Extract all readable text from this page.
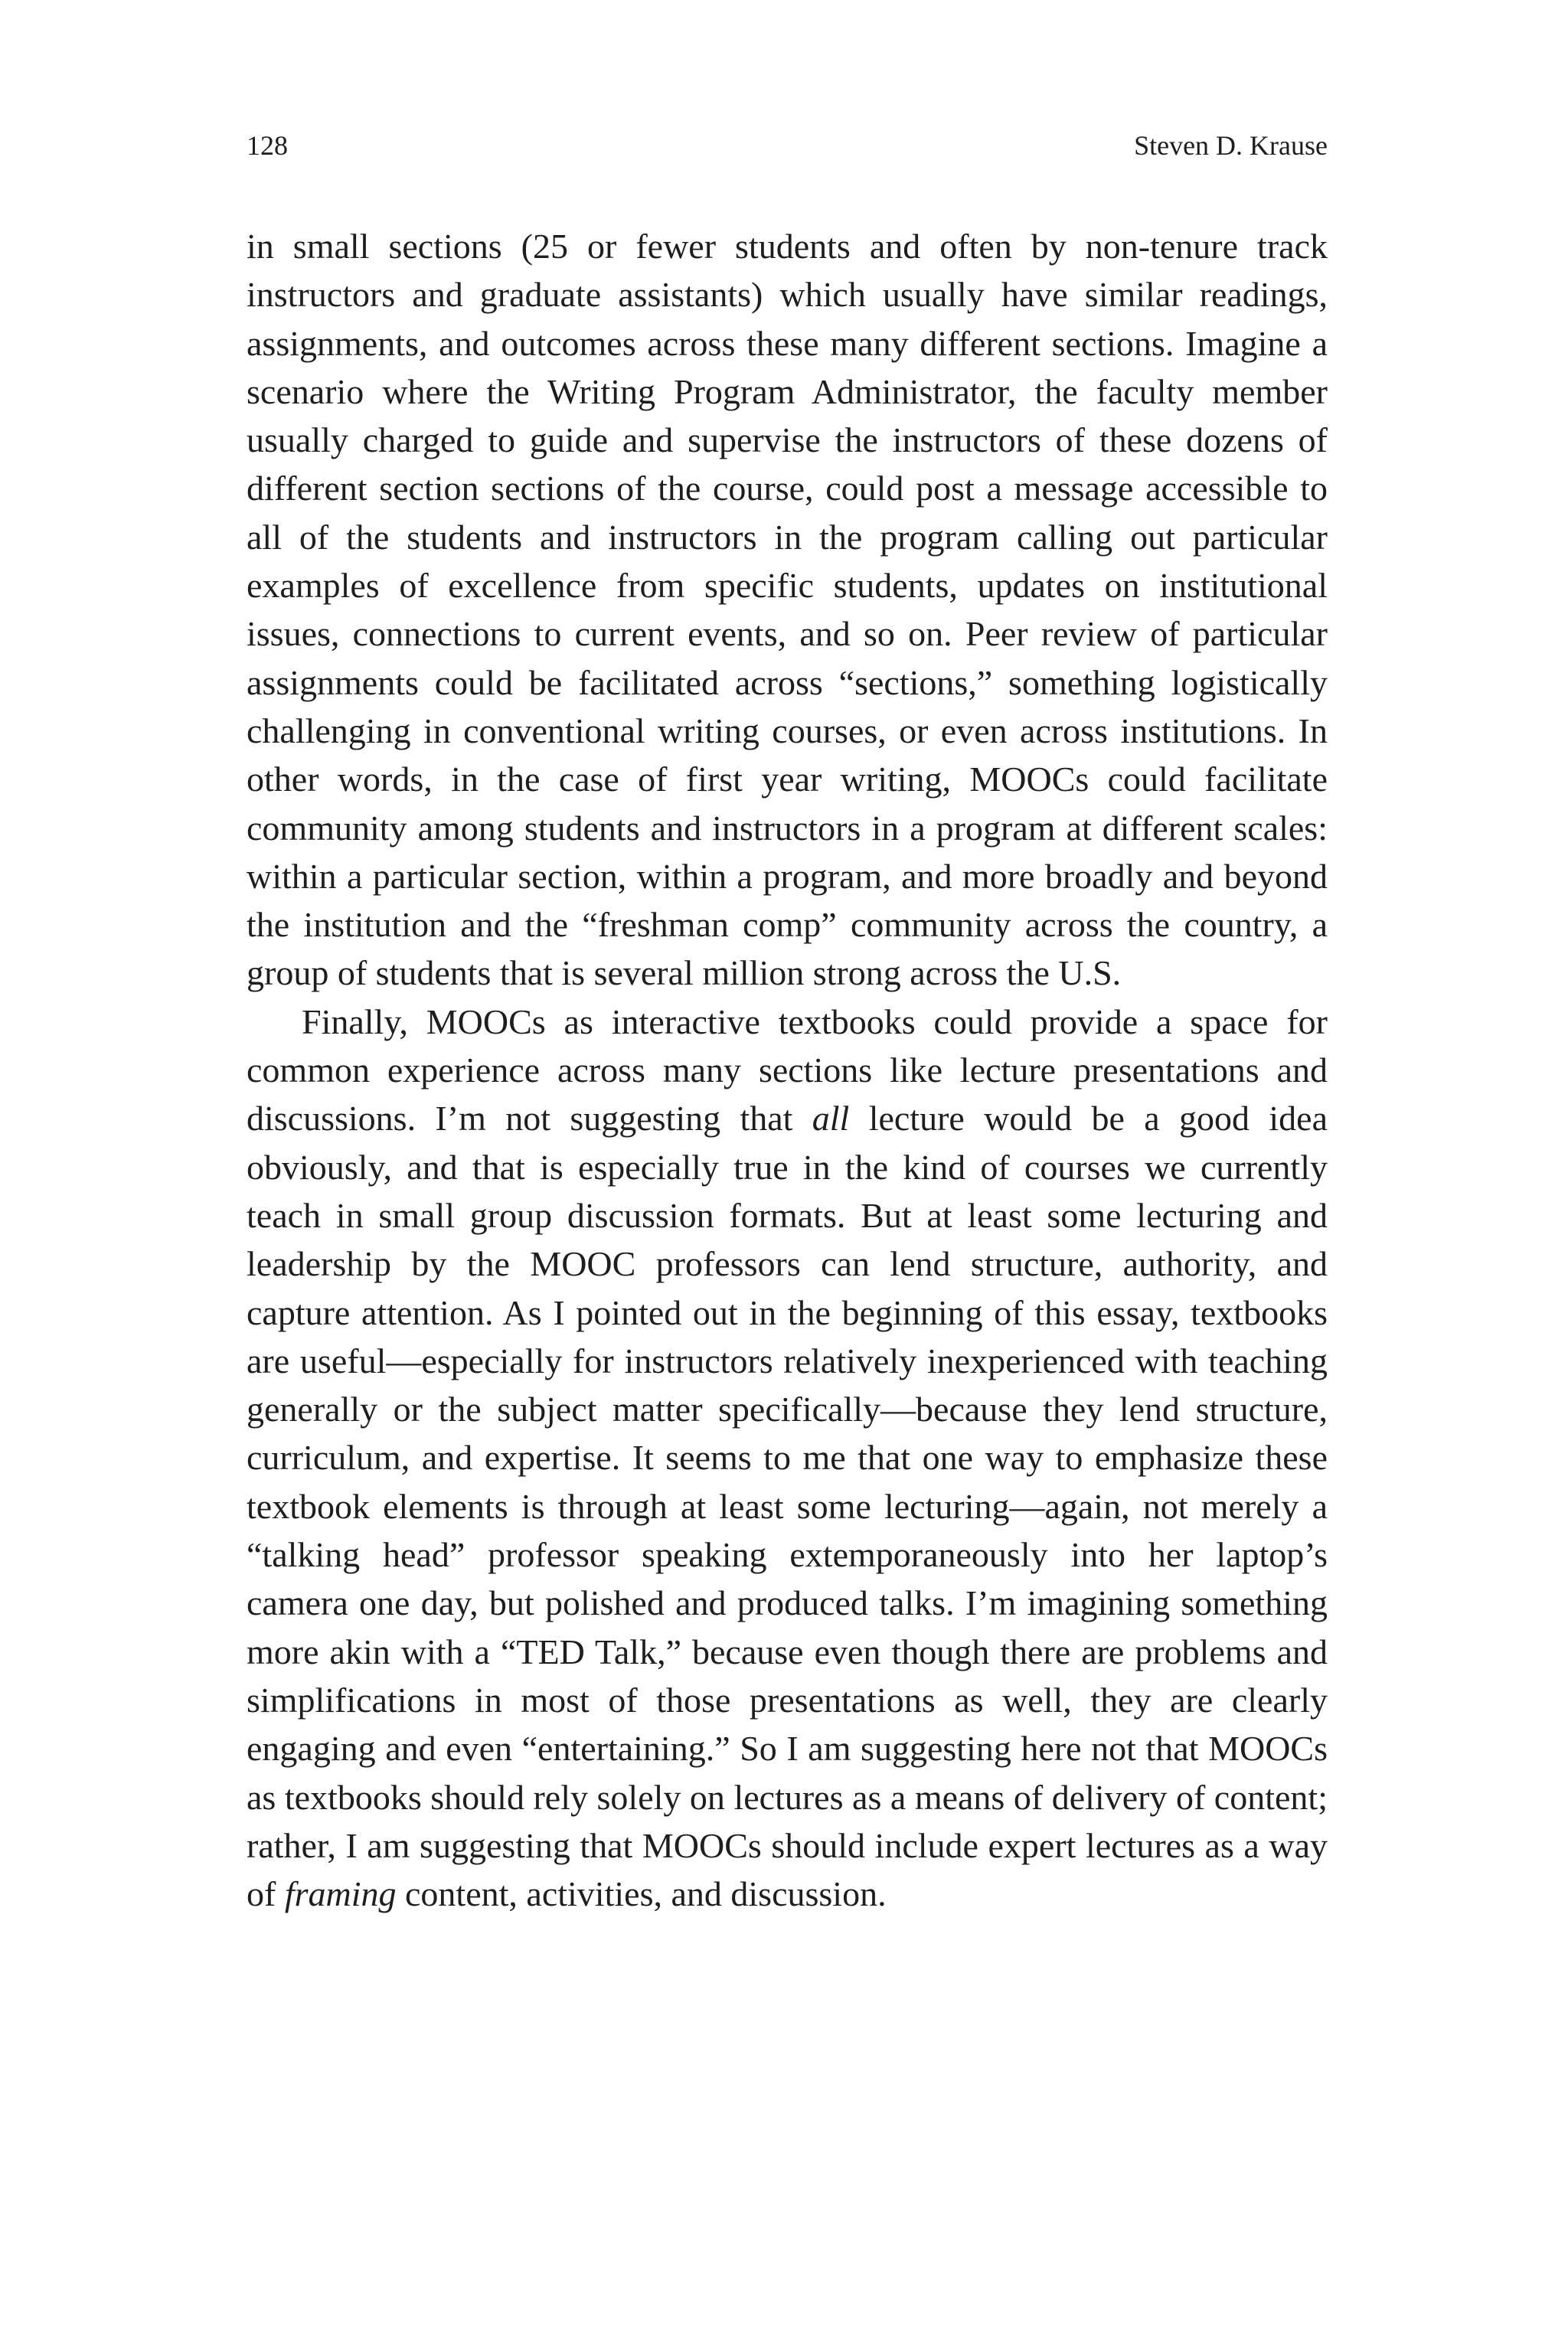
128	Steven D. Krause

in small sections (25 or fewer students and often by non-tenure track instructors and graduate assistants) which usually have similar readings, assignments, and outcomes across these many different sections. Imagine a scenario where the Writing Program Administrator, the faculty member usually charged to guide and supervise the instructors of these dozens of different section sections of the course, could post a message accessible to all of the students and instructors in the program calling out particular examples of excellence from specific students, updates on institutional issues, connections to current events, and so on. Peer review of particular assignments could be facilitated across “sections,” something logistically challenging in conventional writing courses, or even across institutions. In other words, in the case of first year writing, MOOCs could facilitate community among students and instructors in a program at different scales: within a particular section, within a program, and more broadly and beyond the institution and the “freshman comp” community across the country, a group of students that is several million strong across the U.S.

Finally, MOOCs as interactive textbooks could provide a space for common experience across many sections like lecture presentations and discussions. I’m not suggesting that all lecture would be a good idea obviously, and that is especially true in the kind of courses we currently teach in small group discussion formats. But at least some lecturing and leadership by the MOOC professors can lend structure, authority, and capture attention. As I pointed out in the beginning of this essay, textbooks are useful—especially for instructors relatively inexperienced with teaching generally or the subject matter specifically—because they lend structure, curriculum, and expertise. It seems to me that one way to emphasize these textbook elements is through at least some lecturing—again, not merely a “talking head” professor speaking extemporaneously into her laptop’s camera one day, but polished and produced talks. I’m imagining something more akin with a “TED Talk,” because even though there are problems and simplifications in most of those presentations as well, they are clearly engaging and even “entertaining.” So I am suggesting here not that MOOCs as textbooks should rely solely on lectures as a means of delivery of content; rather, I am suggesting that MOOCs should include expert lectures as a way of framing content, activities, and discussion.
